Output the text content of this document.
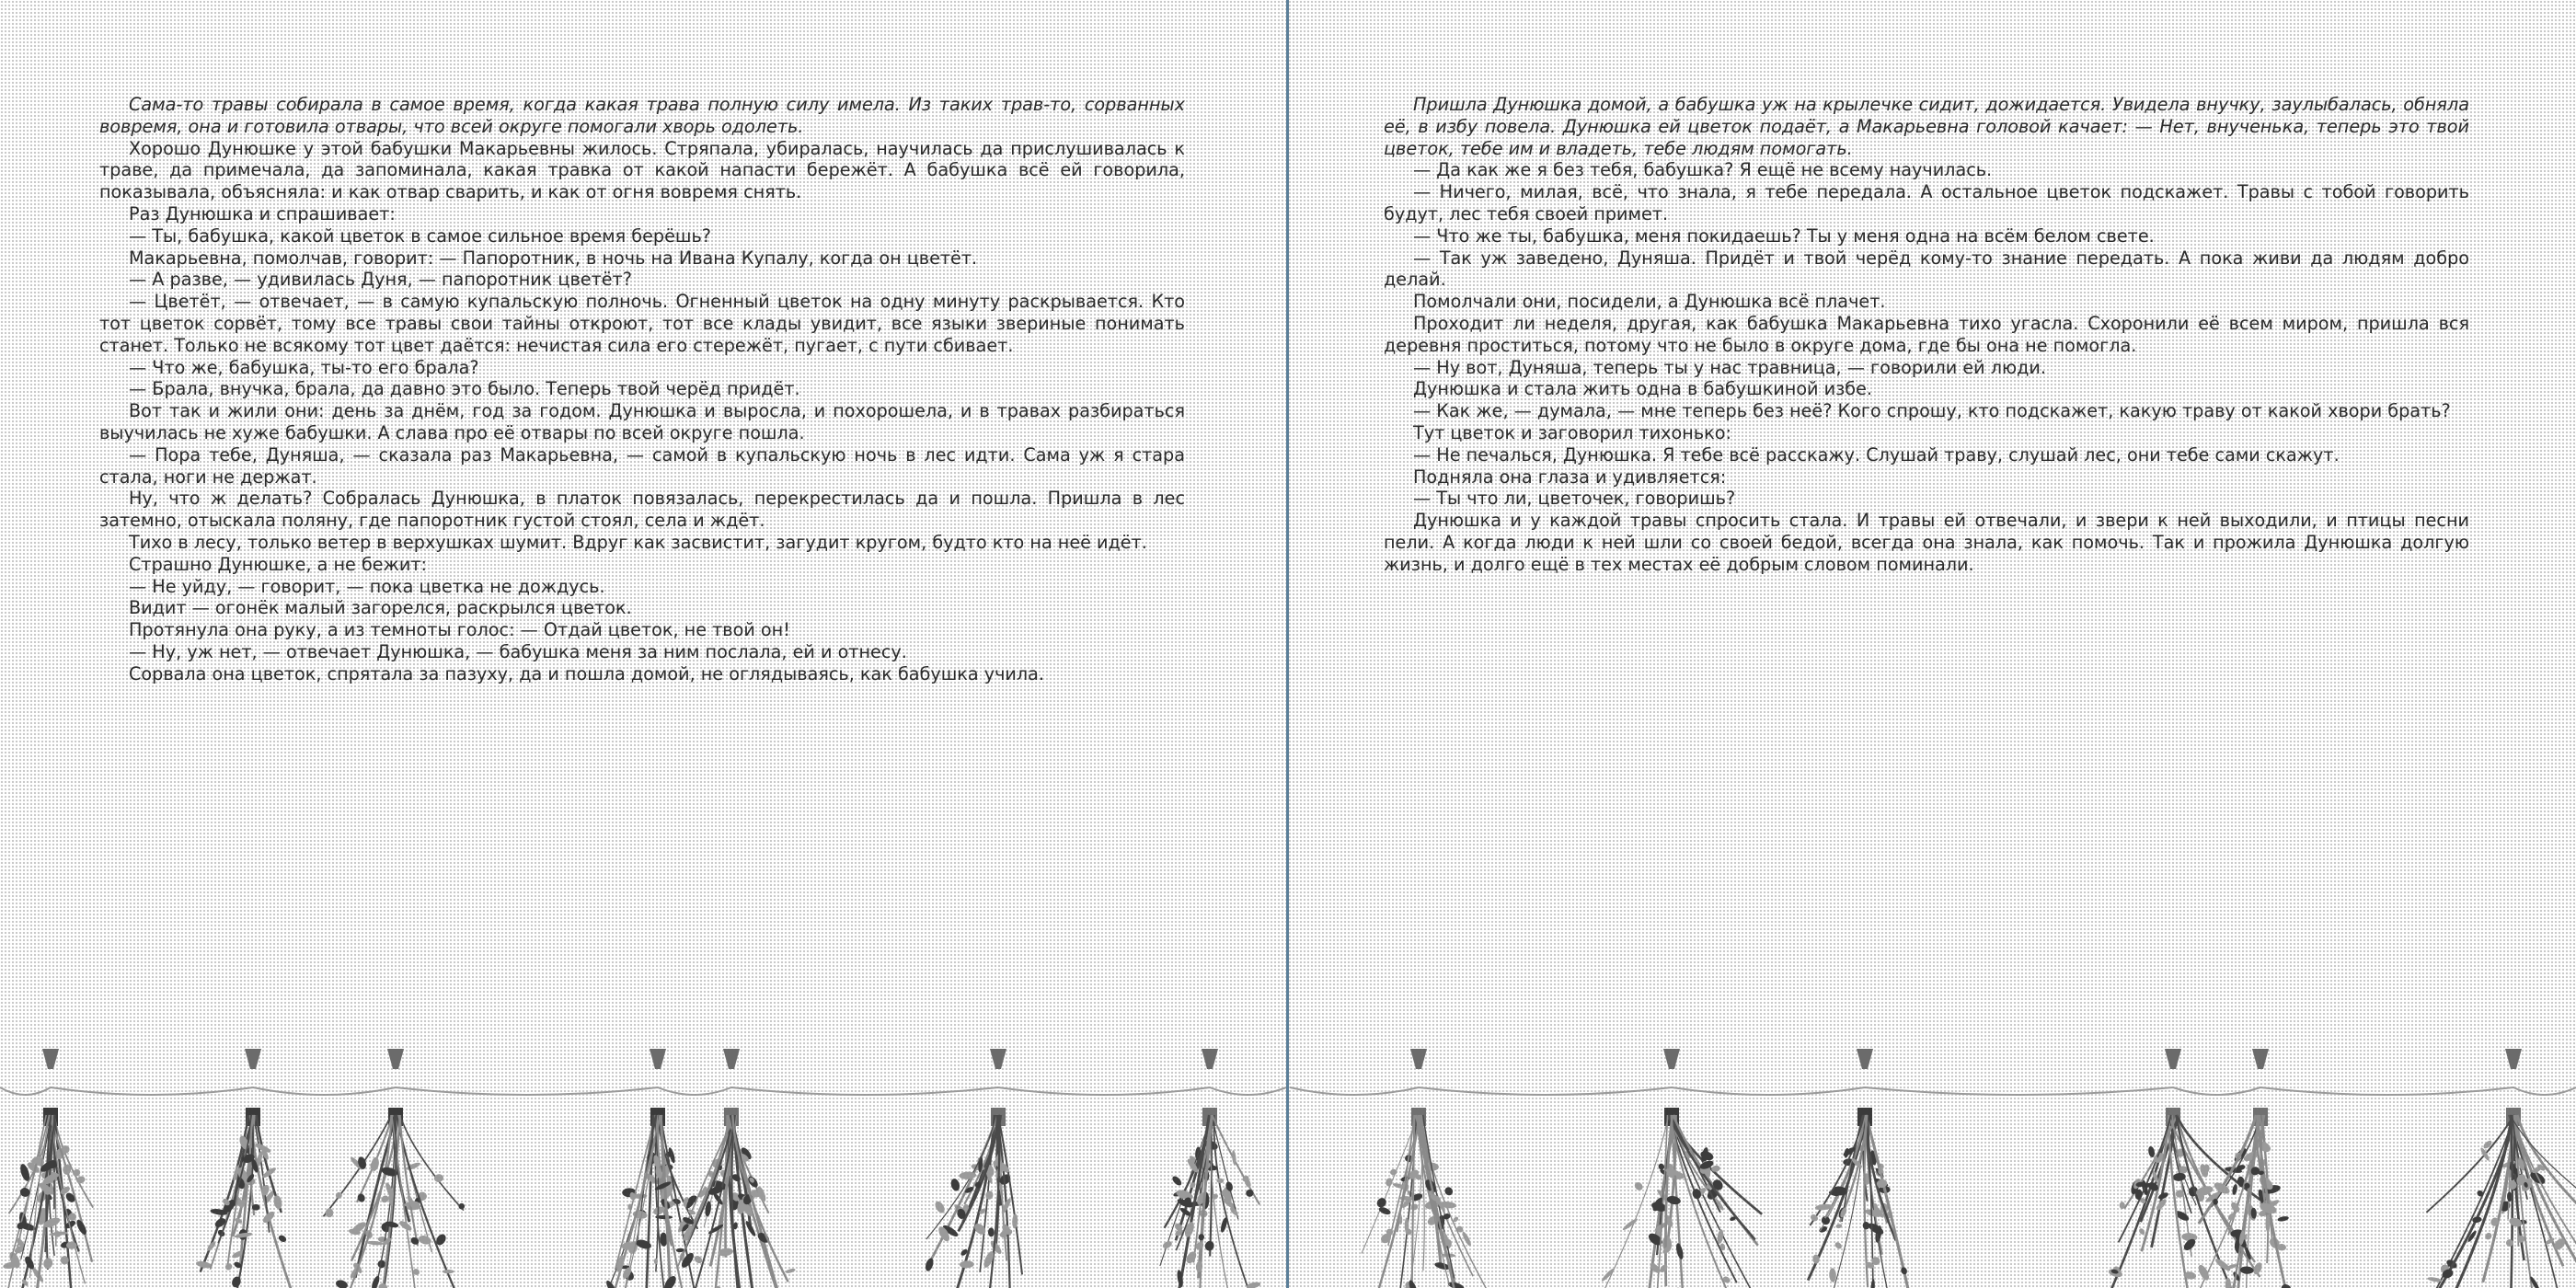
Сама-то травы собирала в самое время, когда какая трава полную силу имела. Из таких трав-то, сорванных вовремя, она и готовила отвары, что всей округе помогали хворь одолеть.

Хорошо Дунюшке у этой бабушки Макарьевны жилось. Стряпала, убиралась, научилась да прислушивалась к траве, да примечала, да запоминала, какая травка от какой напасти бережёт. А бабушка всё ей говорила, показывала, объясняла: и как отвар сварить, и как от огня вовремя снять.

Раз Дунюшка и спрашивает:

— Ты, бабушка, какой цветок в самое сильное время берёшь?

Макарьевна, помолчав, говорит: — Папоротник, в ночь на Ивана Купалу, когда он цветёт.

— А разве, — удивилась Дуня, — папоротник цветёт?

— Цветёт, — отвечает, — в самую купальскую полночь. Огненный цветок на одну минуту раскрывается. Кто тот цветок сорвёт, тому все травы свои тайны откроют, тот все клады увидит, все языки звериные понимать станет. Только не всякому тот цвет даётся: нечистая сила его стережёт, пугает, с пути сбивает.

— Что же, бабушка, ты-то его брала?

— Брала, внучка, брала, да давно это было. Теперь твой черёд придёт.

Вот так и жили они: день за днём, год за годом. Дунюшка и выросла, и похорошела, и в травах разбираться выучилась не хуже бабушки. А слава про её отвары по всей округе пошла.

— Пора тебе, Дуняша, — сказала раз Макарьевна, — самой в купальскую ночь в лес идти. Сама уж я стара стала, ноги не держат.

Ну, что ж делать? Собралась Дунюшка, в платок повязалась, перекрестилась да и пошла. Пришла в лес затемно, отыскала поляну, где папоротник густой стоял, села и ждёт.

Тихо в лесу, только ветер в верхушках шумит. Вдруг как засвистит, загудит кругом, будто кто на неё идёт.

Страшно Дунюшке, а не бежит:

— Не уйду, — говорит, — пока цветка не дождусь.

Видит — огонёк малый загорелся, раскрылся цветок.

Протянула она руку, а из темноты голос: — Отдай цветок, не твой он!

— Ну, уж нет, — отвечает Дунюшка, — бабушка меня за ним послала, ей и отнесу.

Сорвала она цветок, спрятала за пазуху, да и пошла домой, не оглядываясь, как бабушка учила.

Пришла Дунюшка домой, а бабушка уж на крылечке сидит, дожидается. Увидела внучку, заулыбалась, обняла её, в избу повела. Дунюшка ей цветок подаёт, а Макарьевна головой качает: — Нет, внученька, теперь это твой цветок, тебе им и владеть, тебе людям помогать.

— Да как же я без тебя, бабушка? Я ещё не всему научилась.

— Ничего, милая, всё, что знала, я тебе передала. А остальное цветок подскажет. Травы с тобой говорить будут, лес тебя своей примет.

— Что же ты, бабушка, меня покидаешь? Ты у меня одна на всём белом свете.

— Так уж заведено, Дуняша. Придёт и твой черёд кому-то знание передать. А пока живи да людям добро делай.

Помолчали они, посидели, а Дунюшка всё плачет.

Проходит ли неделя, другая, как бабушка Макарьевна тихо угасла. Схоронили её всем миром, пришла вся деревня проститься, потому что не было в округе дома, где бы она не помогла.

— Ну вот, Дуняша, теперь ты у нас травница, — говорили ей люди.

Дунюшка и стала жить одна в бабушкиной избе.

— Как же, — думала, — мне теперь без неё? Кого спрошу, кто подскажет, какую траву от какой хвори брать?

Тут цветок и заговорил тихонько:

— Не печалься, Дунюшка. Я тебе всё расскажу. Слушай траву, слушай лес, они тебе сами скажут.

Подняла она глаза и удивляется:

— Ты что ли, цветочек, говоришь?

Дунюшка и у каждой травы спросить стала. И травы ей отвечали, и звери к ней выходили, и птицы песни пели. А когда люди к ней шли со своей бедой, всегда она знала, как помочь. Так и прожила Дунюшка долгую жизнь, и долго ещё в тех местах её добрым словом поминали.
